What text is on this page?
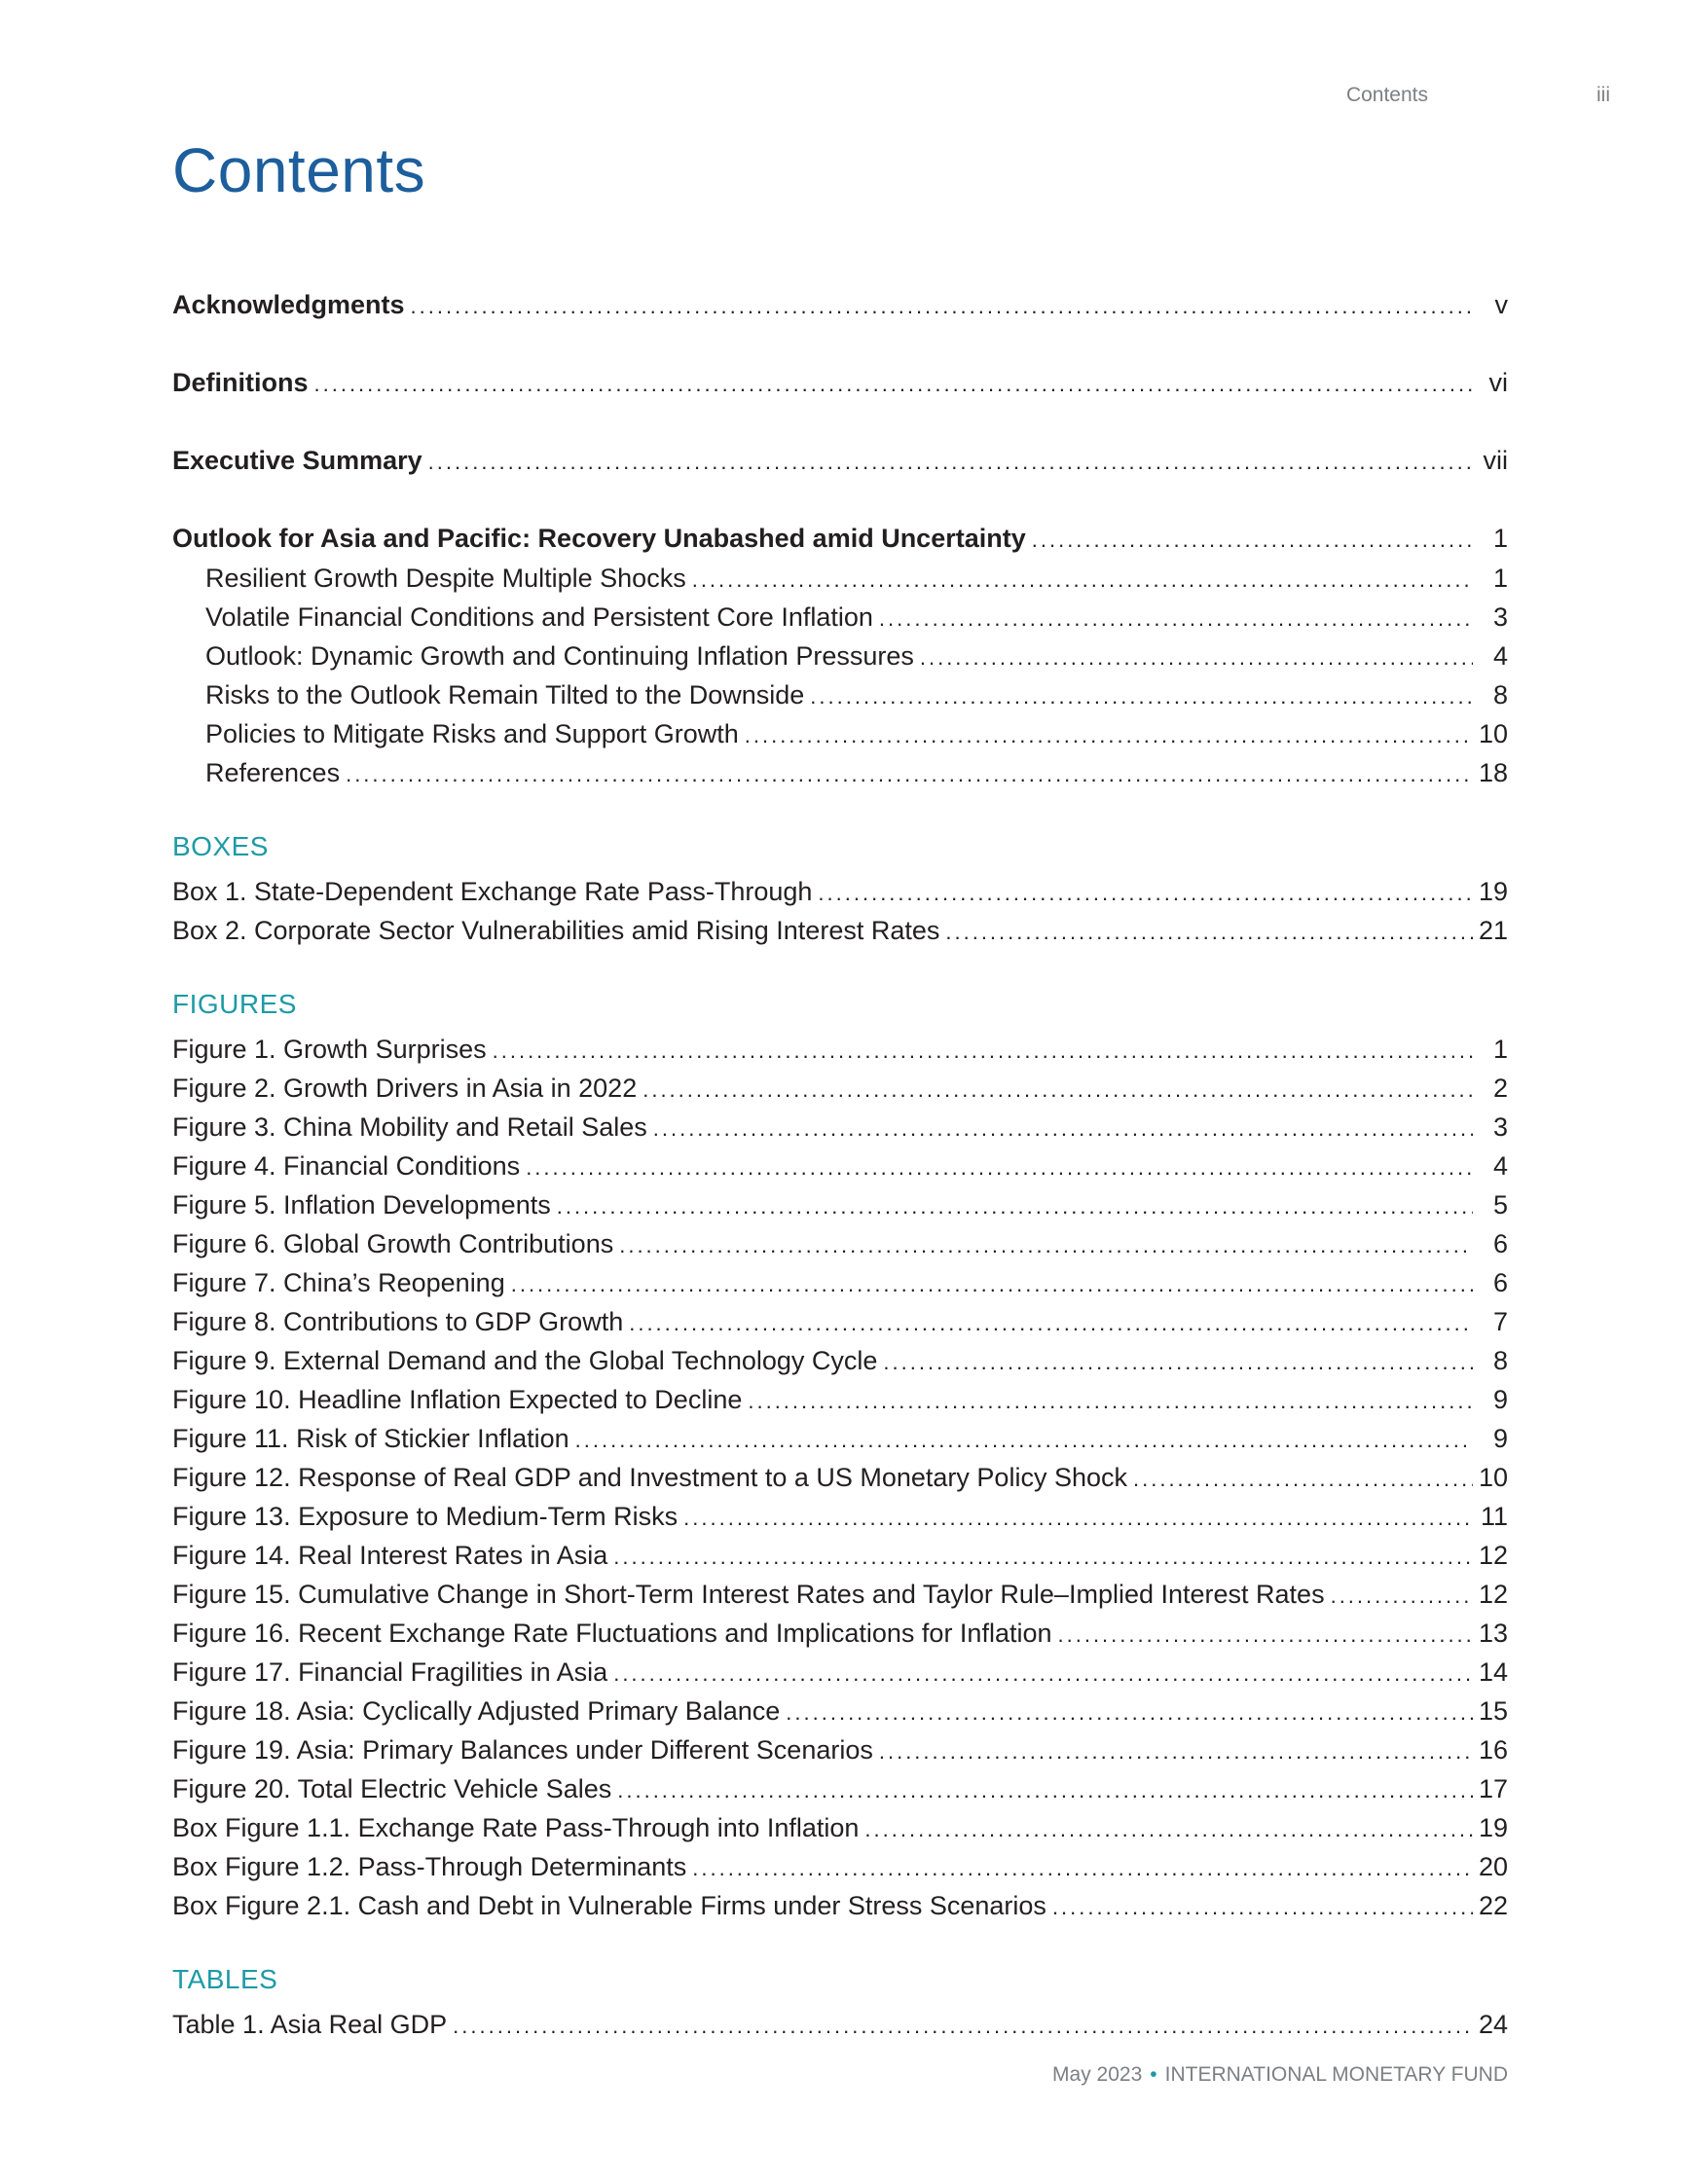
Contents	iii
Contents
Acknowledgments .....	v
Definitions .....	vi
Executive Summary .....	vii
Outlook for Asia and Pacific: Recovery Unabashed amid Uncertainty .....	1
Resilient Growth Despite Multiple Shocks .....	1
Volatile Financial Conditions and Persistent Core Inflation .....	3
Outlook: Dynamic Growth and Continuing Inflation Pressures .....	4
Risks to the Outlook Remain Tilted to the Downside .....	8
Policies to Mitigate Risks and Support Growth .....	10
References .....	18
BOXES
Box 1. State-Dependent Exchange Rate Pass-Through .....	19
Box 2. Corporate Sector Vulnerabilities amid Rising Interest Rates .....	21
FIGURES
Figure 1. Growth Surprises .....	1
Figure 2. Growth Drivers in Asia in 2022 .....	2
Figure 3. China Mobility and Retail Sales .....	3
Figure 4. Financial Conditions .....	4
Figure 5. Inflation Developments .....	5
Figure 6. Global Growth Contributions .....	6
Figure 7. China’s Reopening .....	6
Figure 8. Contributions to GDP Growth .....	7
Figure 9. External Demand and the Global Technology Cycle .....	8
Figure 10. Headline Inflation Expected to Decline .....	9
Figure 11. Risk of Stickier Inflation .....	9
Figure 12. Response of Real GDP and Investment to a US Monetary Policy Shock .....	10
Figure 13. Exposure to Medium-Term Risks .....	11
Figure 14. Real Interest Rates in Asia .....	12
Figure 15. Cumulative Change in Short-Term Interest Rates and Taylor Rule–Implied Interest Rates .....	12
Figure 16. Recent Exchange Rate Fluctuations and Implications for Inflation .....	13
Figure 17. Financial Fragilities in Asia .....	14
Figure 18. Asia: Cyclically Adjusted Primary Balance .....	15
Figure 19. Asia: Primary Balances under Different Scenarios .....	16
Figure 20. Total Electric Vehicle Sales .....	17
Box Figure 1.1. Exchange Rate Pass-Through into Inflation .....	19
Box Figure 1.2. Pass-Through Determinants .....	20
Box Figure 2.1. Cash and Debt in Vulnerable Firms under Stress Scenarios .....	22
TABLES
Table 1. Asia Real GDP .....	24
May 2023 • INTERNATIONAL MONETARY FUND
